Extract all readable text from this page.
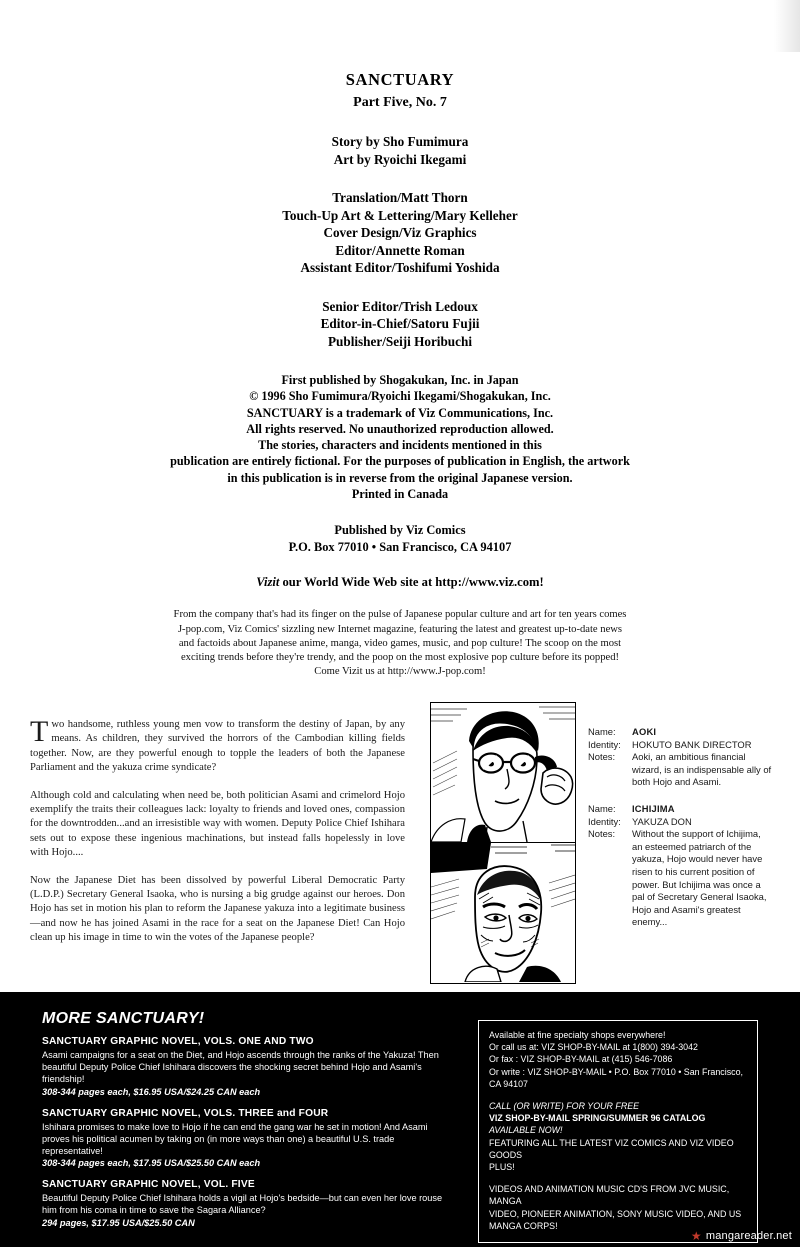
SANCTUARY
Part Five, No. 7
Story by Sho Fumimura
Art by Ryoichi Ikegami
Translation/Matt Thorn
Touch-Up Art & Lettering/Mary Kelleher
Cover Design/Viz Graphics
Editor/Annette Roman
Assistant Editor/Toshifumi Yoshida
Senior Editor/Trish Ledoux
Editor-in-Chief/Satoru Fujii
Publisher/Seiji Horibuchi
First published by Shogakukan, Inc. in Japan
© 1996 Sho Fumimura/Ryoichi Ikegami/Shogakukan, Inc.
SANCTUARY is a trademark of Viz Communications, Inc.
All rights reserved. No unauthorized reproduction allowed.
The stories, characters and incidents mentioned in this
publication are entirely fictional. For the purposes of publication in English, the artwork
in this publication is in reverse from the original Japanese version.
Printed in Canada
Published by Viz Comics
P.O. Box 77010 • San Francisco, CA 94107
Vizit our World Wide Web site at http://www.viz.com!
From the company that's had its finger on the pulse of Japanese popular culture and art for ten years comes
J-pop.com, Viz Comics' sizzling new Internet magazine, featuring the latest and greatest up-to-date news
and factoids about Japanese anime, manga, video games, music, and pop culture! The scoop on the most
exciting trends before they're trendy, and the poop on the most explosive pop culture before its popped!
Come Vizit us at http://www.J-pop.com!

Two handsome, ruthless young men vow to transform the destiny of Japan, by any means. As children, they survived the horrors of the Cambodian killing fields together. Now, are they powerful enough to topple the leaders of both the Japanese Parliament and the yakuza crime syndicate?

Although cold and calculating when need be, both politician Asami and crimelord Hojo exemplify the traits their colleagues lack: loyalty to friends and loved ones, compassion for the downtrodden...and an irresistible way with women. Deputy Police Chief Ishihara sets out to expose these ingenious machinations, but instead falls hopelessly in love with Hojo....

Now the Japanese Diet has been dissolved by powerful Liberal Democratic Party (L.D.P.) Secretary General Isaoka, who is nursing a big grudge against our heroes. Don Hojo has set in motion his plan to reform the Japanese yakuza into a legitimate business—and now he has joined Asami in the race for a seat on the Japanese Diet! Can Hojo clean up his image in time to win the votes of the Japanese people?

Name:	AOKI
Identity:	HOKUTO BANK DIRECTOR
Notes:	Aoki, an ambitious financial wizard, is an indispensable ally of both Hojo and Asami.
Name:	ICHIJIMA
Identity:	YAKUZA DON
Notes:	Without the support of Ichijima, an esteemed patriarch of the yakuza, Hojo would never have risen to his current position of power. But Ichijima was once a pal of Secretary General Isaoka, Hojo and Asami's greatest enemy...
MORE SANCTUARY!
SANCTUARY GRAPHIC NOVEL, VOLS. ONE AND TWO
Asami campaigns for a seat on the Diet, and Hojo ascends through the ranks of the Yakuza! Then beautiful Deputy Police Chief Ishihara discovers the shocking secret behind Hojo and Asami's friendship!
308-344 pages each, $16.95 USA/$24.25 CAN each
SANCTUARY GRAPHIC NOVEL, VOLS. THREE and FOUR
Ishihara promises to make love to Hojo if he can end the gang war he set in motion! And Asami proves his political acumen by taking on (in more ways than one) a beautiful U.S. trade representative!
308-344 pages each, $17.95 USA/$25.50 CAN each
SANCTUARY GRAPHIC NOVEL, VOL. FIVE
Beautiful Deputy Police Chief Ishihara holds a vigil at Hojo's bedside—but can even her love rouse him from his coma in time to save the Sagara Alliance?
294 pages, $17.95 USA/$25.50 CAN
Available at fine specialty shops everywhere!
Or call us at: VIZ SHOP-BY-MAIL at 1(800) 394-3042
Or fax : VIZ SHOP-BY-MAIL at (415) 546-7086
Or write : VIZ SHOP-BY-MAIL • P.O. Box 77010 • San Francisco,
CA 94107
CALL (OR WRITE) FOR YOUR FREE
VIZ SHOP-BY-MAIL SPRING/SUMMER 96 CATALOG
AVAILABLE NOW!
FEATURING ALL THE LATEST VIZ COMICS AND VIZ VIDEO GOODS
PLUS!
VIDEOS AND ANIMATION MUSIC CD'S FROM JVC MUSIC, MANGA
VIDEO, PIONEER ANIMATION, SONY MUSIC VIDEO, AND US
MANGA CORPS!
★ mangareader.net
